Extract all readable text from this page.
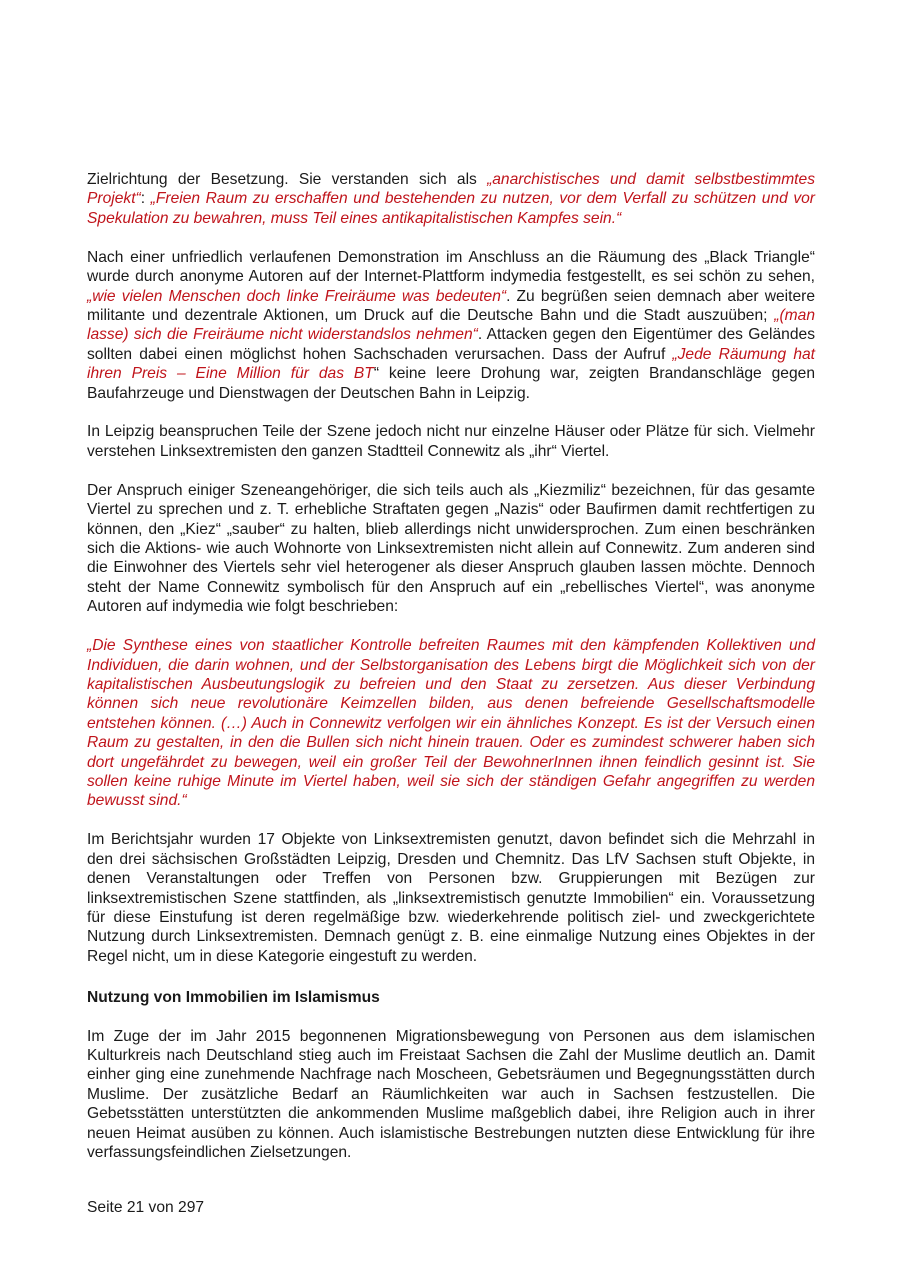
Zielrichtung der Besetzung. Sie verstanden sich als „anarchistisches und damit selbstbestimmtes Projekt“: „Freien Raum zu erschaffen und bestehenden zu nutzen, vor dem Verfall zu schützen und vor Spekulation zu bewahren, muss Teil eines antikapitalistischen Kampfes sein.“

Nach einer unfriedlich verlaufenen Demonstration im Anschluss an die Räumung des „Black Triangle“ wurde durch anonyme Autoren auf der Internet-Plattform indymedia festgestellt, es sei schön zu sehen, „wie vielen Menschen doch linke Freiräume was bedeuten“. Zu begrüßen seien demnach aber weitere militante und dezentrale Aktionen, um Druck auf die Deutsche Bahn und die Stadt auszuüben; „(man lasse) sich die Freiräume nicht widerstandslos nehmen“. Attacken gegen den Eigentümer des Geländes sollten dabei einen möglichst hohen Sachschaden verursachen. Dass der Aufruf „Jede Räumung hat ihren Preis – Eine Million für das BT“ keine leere Drohung war, zeigten Brandanschläge gegen Baufahrzeuge und Dienstwagen der Deutschen Bahn in Leipzig.

In Leipzig beanspruchen Teile der Szene jedoch nicht nur einzelne Häuser oder Plätze für sich. Vielmehr verstehen Linksextremisten den ganzen Stadtteil Connewitz als „ihr“ Viertel.

Der Anspruch einiger Szeneangehöriger, die sich teils auch als „Kiezmiliz“ bezeichnen, für das gesamte Viertel zu sprechen und z. T. erhebliche Straftaten gegen „Nazis“ oder Baufirmen damit rechtfertigen zu können, den „Kiez“ „sauber“ zu halten, blieb allerdings nicht unwidersprochen. Zum einen beschränken sich die Aktions- wie auch Wohnorte von Linksextremisten nicht allein auf Connewitz. Zum anderen sind die Einwohner des Viertels sehr viel heterogener als dieser Anspruch glauben lassen möchte. Dennoch steht der Name Connewitz symbolisch für den Anspruch auf ein „rebellisches Viertel“, was anonyme Autoren auf indymedia wie folgt beschrieben:

„Die Synthese eines von staatlicher Kontrolle befreiten Raumes mit den kämpfenden Kollektiven und Individuen, die darin wohnen, und der Selbstorganisation des Lebens birgt die Möglichkeit sich von der kapitalistischen Ausbeutungslogik zu befreien und den Staat zu zersetzen. Aus dieser Verbindung können sich neue revolutionäre Keimzellen bilden, aus denen befreiende Gesellschaftsmodelle entstehen können. (…) Auch in Connewitz verfolgen wir ein ähnliches Konzept. Es ist der Versuch einen Raum zu gestalten, in den die Bullen sich nicht hinein trauen. Oder es zumindest schwerer haben sich dort ungefährdet zu bewegen, weil ein großer Teil der BewohnerInnen ihnen feindlich gesinnt ist. Sie sollen keine ruhige Minute im Viertel haben, weil sie sich der ständigen Gefahr angegriffen zu werden bewusst sind.“

Im Berichtsjahr wurden 17 Objekte von Linksextremisten genutzt, davon befindet sich die Mehrzahl in den drei sächsischen Großstädten Leipzig, Dresden und Chemnitz. Das LfV Sachsen stuft Objekte, in denen Veranstaltungen oder Treffen von Personen bzw. Gruppierungen mit Bezügen zur linksextremistischen Szene stattfinden, als „linksextremistisch genutzte Immobilien“ ein. Voraussetzung für diese Einstufung ist deren regelmäßige bzw. wiederkehrende politisch ziel- und zweckgerichtete Nutzung durch Linksextremisten. Demnach genügt z. B. eine einmalige Nutzung eines Objektes in der Regel nicht, um in diese Kategorie eingestuft zu werden.

Nutzung von Immobilien im Islamismus

Im Zuge der im Jahr 2015 begonnenen Migrationsbewegung von Personen aus dem islamischen Kulturkreis nach Deutschland stieg auch im Freistaat Sachsen die Zahl der Muslime deutlich an. Damit einher ging eine zunehmende Nachfrage nach Moscheen, Gebetsräumen und Begegnungsstätten durch Muslime. Der zusätzliche Bedarf an Räumlichkeiten war auch in Sachsen festzustellen. Die Gebetsstätten unterstützten die ankommenden Muslime maßgeblich dabei, ihre Religion auch in ihrer neuen Heimat ausüben zu können. Auch islamistische Bestrebungen nutzten diese Entwicklung für ihre verfassungsfeindlichen Zielsetzungen.

Seite 21 von 297
